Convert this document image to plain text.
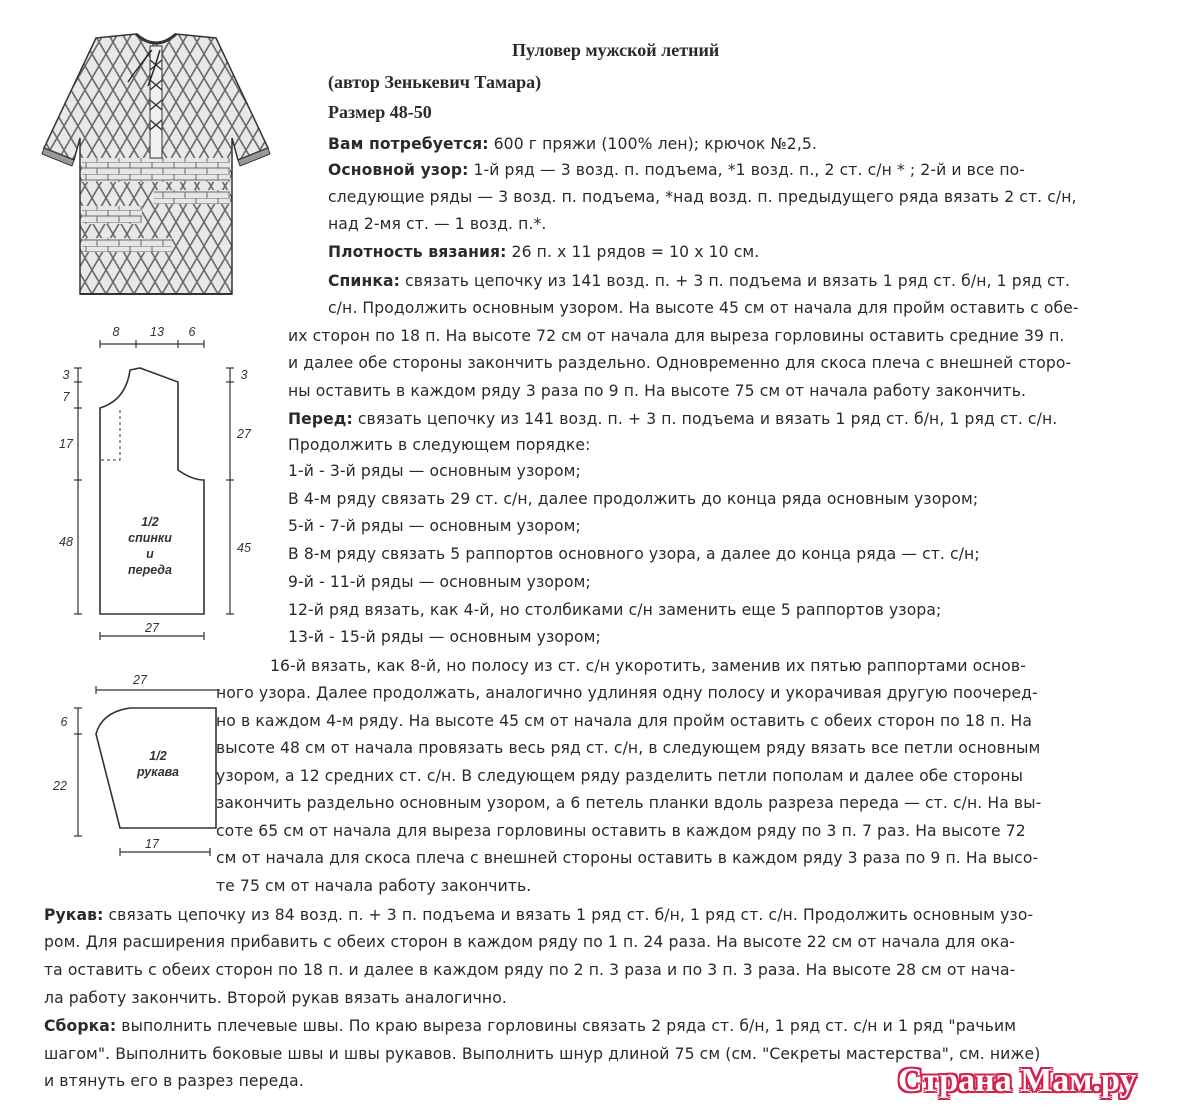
Пуловер мужской летний
(автор Зенькевич Тамара)
Размер 48-50
Вам потребуется: 600 г пряжи (100% лен); крючок №2,5.
Основной узор: 1-й ряд — 3 возд. п. подъема, *1 возд. п., 2 ст. с/н * ; 2-й и все по-
следующие ряды — 3 возд. п. подъема, *над возд. п. предыдущего ряда вязать 2 ст. с/н,
над 2-мя ст. — 1 возд. п.*.
Плотность вязания: 26 п. х 11 рядов = 10 х 10 см.
Спинка: связать цепочку из 141 возд. п. + 3 п. подъема и вязать 1 ряд ст. б/н, 1 ряд ст.
с/н. Продолжить основным узором. На высоте 45 см от начала для пройм оставить с обе-
их сторон по 18 п. На высоте 72 см от начала для выреза горловины оставить средние 39 п.
и далее обе стороны закончить раздельно. Одновременно для скоса плеча с внешней сторо-
ны оставить в каждом ряду 3 раза по 9 п. На высоте 75 см от начала работу закончить.
Перед: связать цепочку из 141 возд. п. + 3 п. подъема и вязать 1 ряд ст. б/н, 1 ряд ст. с/н.
Продолжить в следующем порядке:
1-й - 3-й ряды — основным узором;
В 4-м ряду связать 29 ст. с/н, далее продолжить до конца ряда основным узором;
5-й - 7-й ряды — основным узором;
В 8-м ряду связать 5 раппортов основного узора, а далее до конца ряда — ст. с/н;
9-й - 11-й ряды — основным узором;
12-й ряд вязать, как 4-й, но столбиками с/н заменить еще 5 раппортов узора;
13-й - 15-й ряды — основным узором;
16-й вязать, как 8-й, но полосу из ст. с/н укоротить, заменив их пятью раппортами основ-
ного узора. Далее продолжать, аналогично удлиняя одну полосу и укорачивая другую поочеред-
но в каждом 4-м ряду. На высоте 45 см от начала для пройм оставить с обеих сторон по 18 п. На
высоте 48 см от начала провязать весь ряд ст. с/н, в следующем ряду вязать все петли основным
узором, а 12 средних ст. с/н. В следующем ряду разделить петли пополам и далее обе стороны
закончить раздельно основным узором, а 6 петель планки вдоль разреза переда — ст. с/н. На вы-
соте 65 см от начала для выреза горловины оставить в каждом ряду по 3 п. 7 раз. На высоте 72
см от начала для скоса плеча с внешней стороны оставить в каждом ряду 3 раза по 9 п. На высо-
те 75 см от начала работу закончить.
Рукав: связать цепочку из 84 возд. п. + 3 п. подъема и вязать 1 ряд ст. б/н, 1 ряд ст. с/н. Продолжить основным узо-
ром. Для расширения прибавить с обеих сторон в каждом ряду по 1 п. 24 раза. На высоте 22 см от начала для ока-
та оставить с обеих сторон по 18 п. и далее в каждом ряду по 2 п. 3 раза и по 3 п. 3 раза. На высоте 28 см от нача-
ла работу закончить. Второй рукав вязать аналогично.
Сборка: выполнить плечевые швы. По краю выреза горловины связать 2 ряда ст. б/н, 1 ряд ст. с/н и 1 ряд "рачьим
шагом". Выполнить боковые швы и швы рукавов. Выполнить шнур длиной 75 см (см. "Секреты мастерства", см. ниже)
и втянуть его в разрез переда.
8 13 6
3
7
17
48
3
27
45
27
1/2
спинки
и
переда
27
6
22
17
1/2
рукава
Страна Мам.ру
